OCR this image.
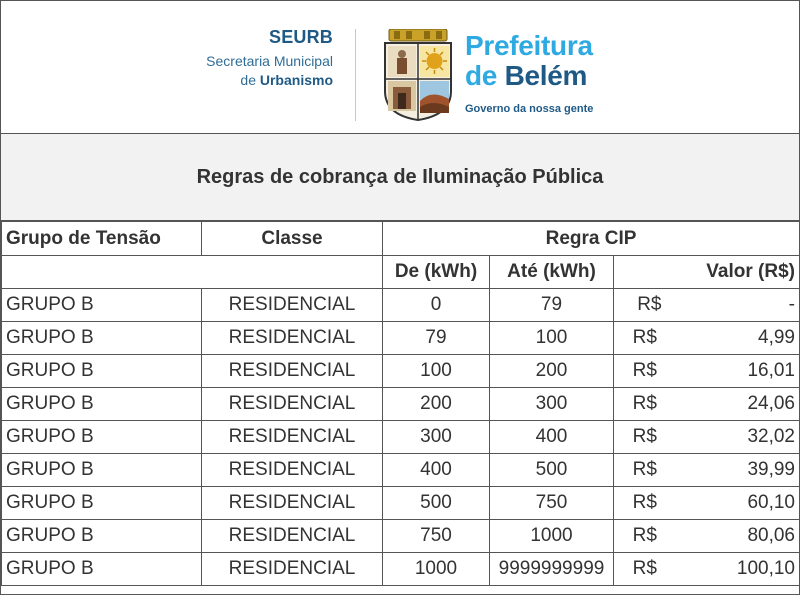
SEURB
Secretaria Municipal
de Urbanismo
Prefeitura
de Belém
Governo da nossa gente
Regras de cobrança de Iluminação Pública
Grupo de Tensão	Classe	Regra CIP			
		De (kWh)	Até (kWh)	Valor (R$)	
GRUPO B	RESIDENCIAL	0	79	R$	-
GRUPO B	RESIDENCIAL	79	100	R$	4,99
GRUPO B	RESIDENCIAL	100	200	R$	16,01
GRUPO B	RESIDENCIAL	200	300	R$	24,06
GRUPO B	RESIDENCIAL	300	400	R$	32,02
GRUPO B	RESIDENCIAL	400	500	R$	39,99
GRUPO B	RESIDENCIAL	500	750	R$	60,10
GRUPO B	RESIDENCIAL	750	1000	R$	80,06
GRUPO B	RESIDENCIAL	1000	9999999999	R$	100,10
